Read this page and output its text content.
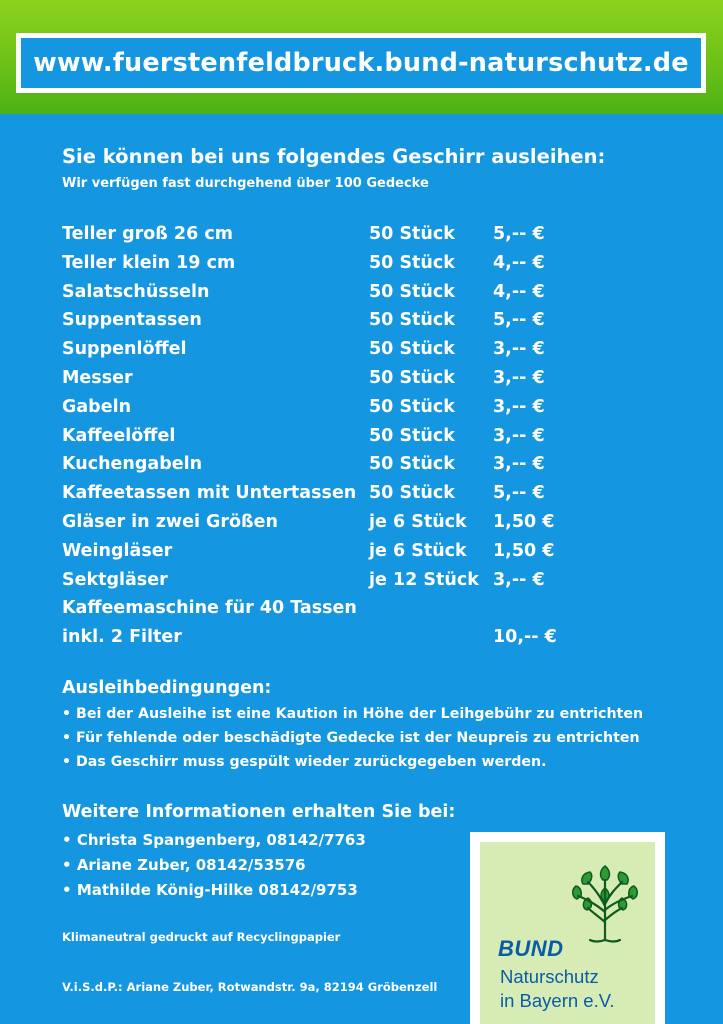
www.fuerstenfeldbruck.bund-naturschutz.de
Sie können bei uns folgendes Geschirr ausleihen:
Wir verfügen fast durchgehend über 100 Gedecke
Teller groß 26 cm	50 Stück 5,-- €
Teller klein 19 cm	50 Stück 4,-- €
Salatschüsseln	50 Stück 4,-- €
Suppentassen	50 Stück 5,-- €
Suppenlöffel	50 Stück 3,-- €
Messer	50 Stück 3,-- €
Gabeln	50 Stück 3,-- €
Kaffeelöffel	50 Stück 3,-- €
Kuchengabeln	50 Stück 3,-- €
Kaffeetassen mit Untertassen 50 Stück 5,-- €
Gläser in zwei Größen	je 6 Stück 1,50 €
Weingläser	je 6 Stück 1,50 €
Sektgläser	je 12 Stück 3,-- €
Kaffeemaschine für 40 Tassen
inkl. 2 Filter	10,-- €
Ausleihbedingungen:
• Bei der Ausleihe ist eine Kaution in Höhe der Leihgebühr zu entrichten
• Für fehlende oder beschädigte Gedecke ist der Neupreis zu entrichten
• Das Geschirr muss gespült wieder zurückgegeben werden.
Weitere Informationen erhalten Sie bei:
• Christa Spangenberg, 08142/7763
• Ariane Zuber, 08142/53576
• Mathilde König-Hilke 08142/9753
Klimaneutral gedruckt auf Recyclingpapier
V.i.S.d.P.: Ariane Zuber, Rotwandstr. 9a, 82194 Gröbenzell
BUND
Naturschutz
in Bayern e.V.
